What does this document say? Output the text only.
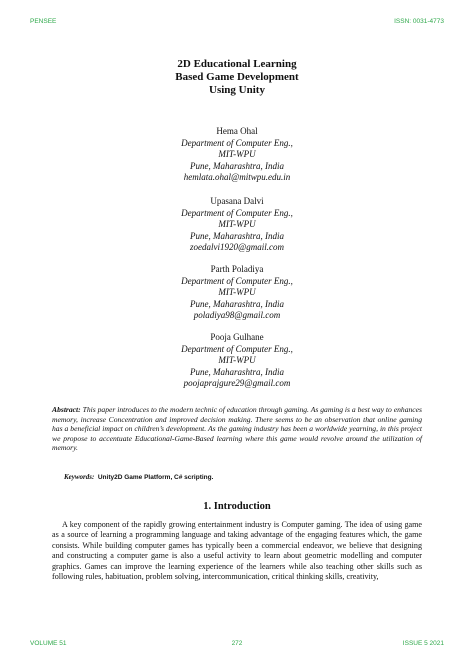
PENSEE	ISSN: 0031-4773
2D Educational Learning
Based Game Development
Using Unity
Hema Ohal
Department of Computer Eng.,
MIT-WPU
Pune, Maharashtra, India
hemlata.ohal@mitwpu.edu.in
Upasana Dalvi
Department of Computer Eng.,
MIT-WPU
Pune, Maharashtra, India
zoedalvi1920@gmail.com
Parth Poladiya
Department of Computer Eng.,
MIT-WPU
Pune, Maharashtra, India
poladiya98@gmail.com
Pooja Gulhane
Department of Computer Eng.,
MIT-WPU
Pune, Maharashtra, India
poojaprajgure29@gmail.com
Abstract: This paper introduces to the modern technic of education through gaming. As gaming is a best way to enhances memory, increase Concentration and improved decision making. There seems to be an observation that online gaming has a beneficial impact on children’s development. As the gaming industry has been a worldwide yearning, in this project we propose to accentuate Educational-Game-Based learning where this game would revolve around the utilization of memory.
Keywords: Unity2D Game Platform, C# scripting.
1. Introduction
A key component of the rapidly growing entertainment industry is Computer gaming. The idea of using game as a source of learning a programming language and taking advantage of the engaging features which, the game consists. While building computer games has typically been a commercial endeavor, we believe that designing and constructing a computer game is also a useful activity to learn about geometric modelling and computer graphics. Games can improve the learning experience of the learners while also teaching other skills such as following rules, habituation, problem solving, intercommunication, critical thinking skills, creativity,
VOLUME 51	272	ISSUE 5 2021
